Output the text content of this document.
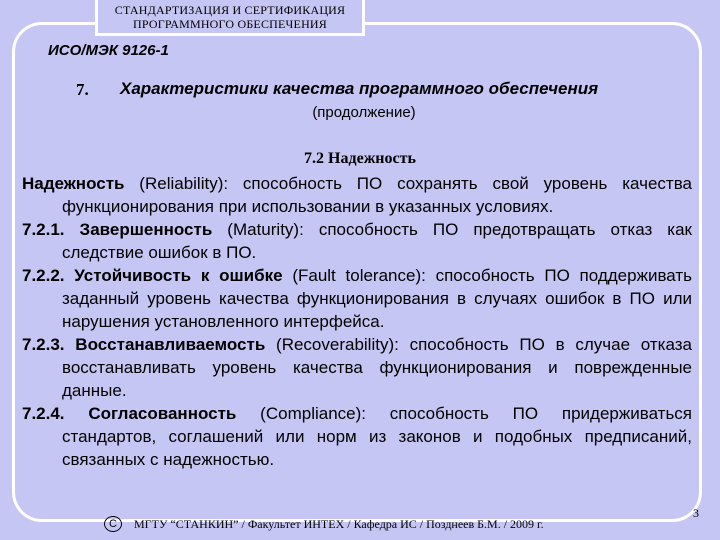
СТАНДАРТИЗАЦИЯ И СЕРТИФИКАЦИЯ
ПРОГРАММНОГО ОБЕСПЕЧЕНИЯ
ИСО/МЭК 9126-1
7. Характеристики качества программного обеспечения
(продолжение)
7.2 Надежность

Надежность (Reliability): способность ПО сохранять свой уровень качества функционирования при использовании в указанных условиях.

7.2.1. Завершенность (Maturity): способность ПО предотвращать отказ как следствие ошибок в ПО.

7.2.2. Устойчивость к ошибке (Fault tolerance): способность ПО поддерживать заданный уровень качества функционирования в случаях ошибок в ПО или нарушения установленного интерфейса.

7.2.3. Восстанавливаемость (Recoverability): способность ПО в случае отказа восстанавливать уровень качества функционирования и поврежденные данные.

7.2.4. Согласованность (Compliance): способность ПО придерживаться стандартов, соглашений или норм из законов и подобных предписаний, связанных с надежностью.

С	МГТУ “СТАНКИН” / Факультет ИНТЕХ / Кафедра ИС / Позднеев Б.М. / 2009 г.
3
